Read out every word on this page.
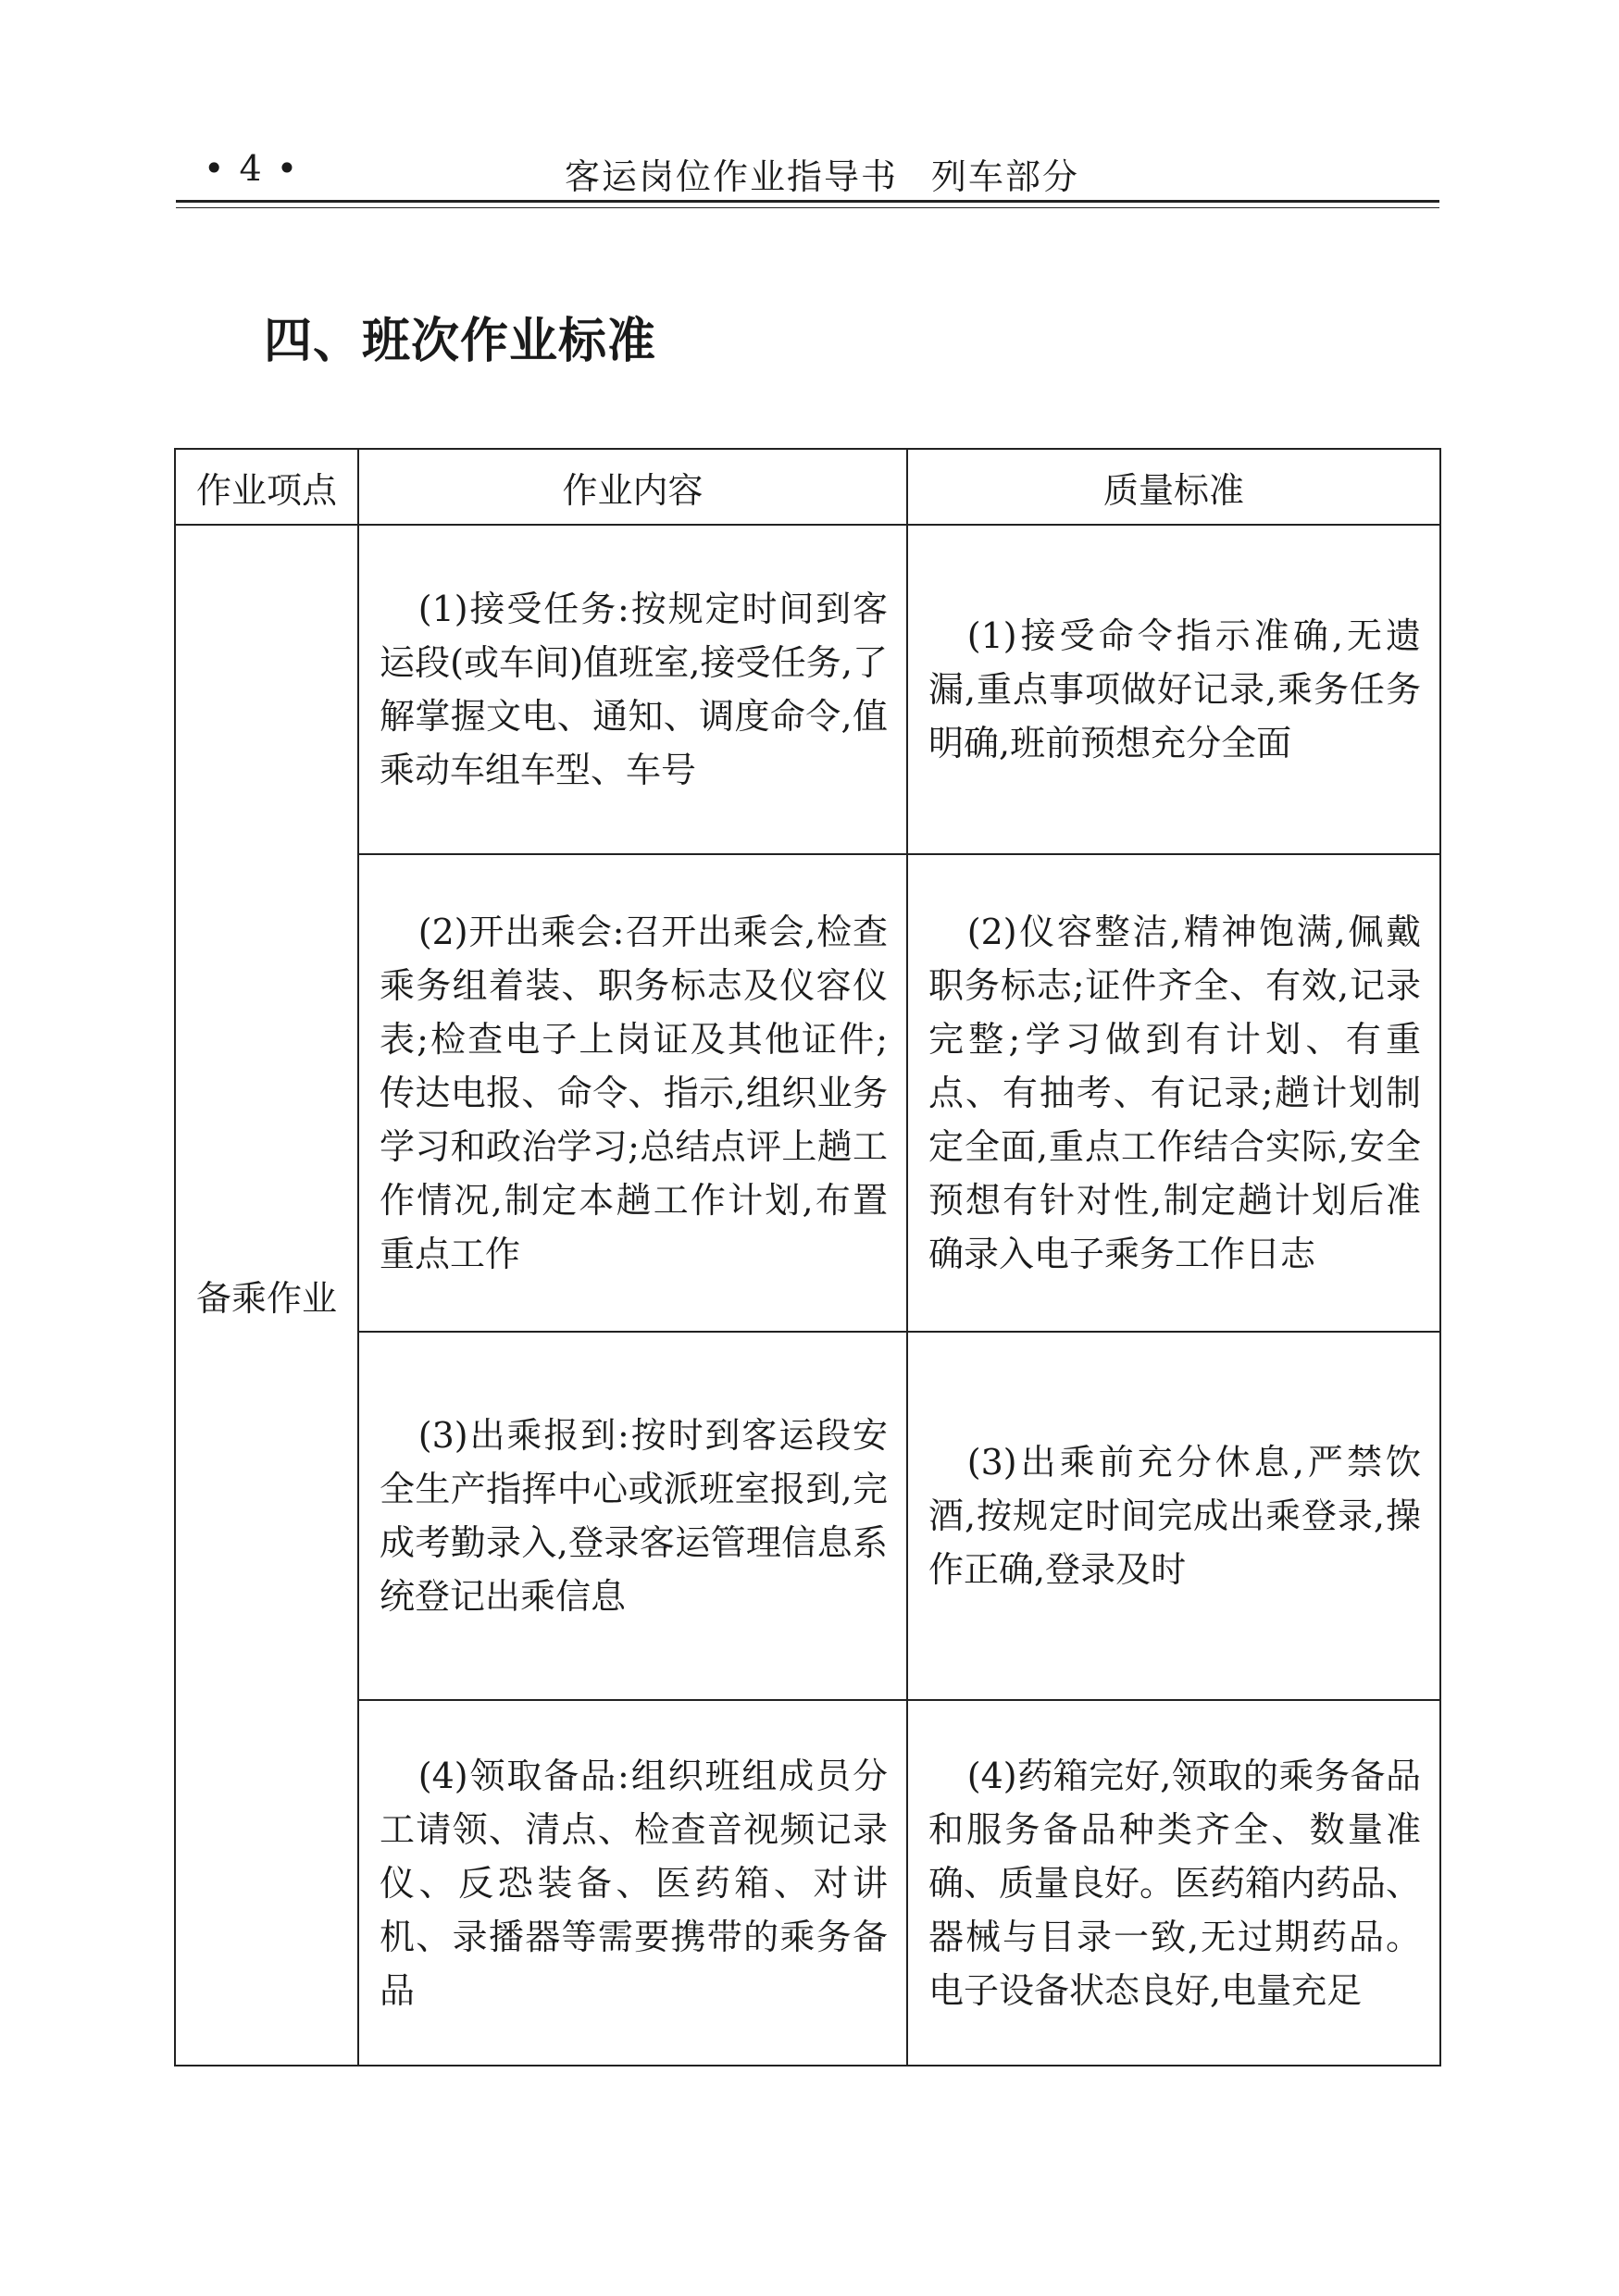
• 4 •	客运岗位作业指导书 列车部分
四、班次作业标准
作业项点	作业内容	质量标准
备乘作业	(1)接受任务:按规定时间到客运段(或车间)值班室,接受任务,了解掌握文电、通知、调度命令,值乘动车组车型、车号	(1)接受命令指示准确,无遗漏,重点事项做好记录,乘务任务明确,班前预想充分全面

	(2)开出乘会:召开出乘会,检查乘务组着装、职务标志及仪容仪表;检查电子上岗证及其他证件;传达电报、命令、指示,组织业务学习和政治学习;总结点评上趟工作情况,制定本趟工作计划,布置重点工作	(2)仪容整洁,精神饱满,佩戴职务标志;证件齐全、有效,记录完整;学习做到有计划、有重点、有抽考、有记录;趟计划制定全面,重点工作结合实际,安全预想有针对性,制定趟计划后准确录入电子乘务工作日志

	(3)出乘报到:按时到客运段安全生产指挥中心或派班室报到,完成考勤录入,登录客运管理信息系统登记出乘信息	(3)出乘前充分休息,严禁饮酒,按规定时间完成出乘登录,操作正确,登录及时

	(4)领取备品:组织班组成员分工请领、清点、检查音视频记录仪、反恐装备、医药箱、对讲机、录播器等需要携带的乘务备品	(4)药箱完好,领取的乘务备品和服务备品种类齐全、数量准确、质量良好。医药箱内药品、器械与目录一致,无过期药品。电子设备状态良好,电量充足
